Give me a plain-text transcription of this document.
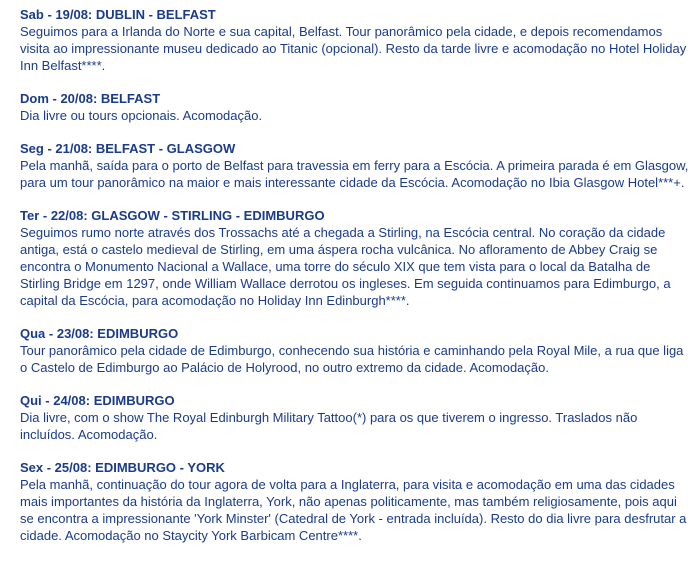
Sab - 19/08: DUBLIN - BELFAST
Seguimos para a Irlanda do Norte e sua capital, Belfast. Tour panorâmico pela cidade, e depois recomendamos visita ao impressionante museu dedicado ao Titanic (opcional). Resto da tarde livre e acomodação no Hotel Holiday Inn Belfast****.
Dom - 20/08: BELFAST
Dia livre ou tours opcionais. Acomodação.
Seg - 21/08: BELFAST - GLASGOW
Pela manhã, saída para o porto de Belfast para travessia em ferry para a Escócia. A primeira parada é em Glasgow, para um tour panorâmico na maior e mais interessante cidade da Escócia. Acomodação no Ibia Glasgow Hotel***+.
Ter - 22/08: GLASGOW - STIRLING - EDIMBURGO
Seguimos rumo norte através dos Trossachs até a chegada a Stirling, na Escócia central. No coração da cidade antiga, está o castelo medieval de Stirling, em uma áspera rocha vulcânica. No afloramento de Abbey Craig se encontra o Monumento Nacional a Wallace, uma torre do século XIX que tem vista para o local da Batalha de Stirling Bridge em 1297, onde William Wallace derrotou os ingleses. Em seguida continuamos para Edimburgo, a capital da Escócia, para acomodação no Holiday Inn Edinburgh****.
Qua - 23/08: EDIMBURGO
Tour panorâmico pela cidade de Edimburgo, conhecendo sua história e caminhando pela Royal Mile, a rua que liga o Castelo de Edimburgo ao Palácio de Holyrood, no outro extremo da cidade. Acomodação.
Qui - 24/08: EDIMBURGO
Dia livre, com o show The Royal Edinburgh Military Tattoo(*) para os que tiverem o ingresso. Traslados não incluídos. Acomodação.
Sex - 25/08: EDIMBURGO - YORK
Pela manhã, continuação do tour agora de volta para a Inglaterra, para visita e acomodação em uma das cidades mais importantes da história da Inglaterra, York, não apenas politicamente, mas também religiosamente, pois aqui se encontra a impressionante 'York Minster' (Catedral de York - entrada incluída). Resto do dia livre para desfrutar a cidade. Acomodação no Staycity York Barbicam Centre****.
